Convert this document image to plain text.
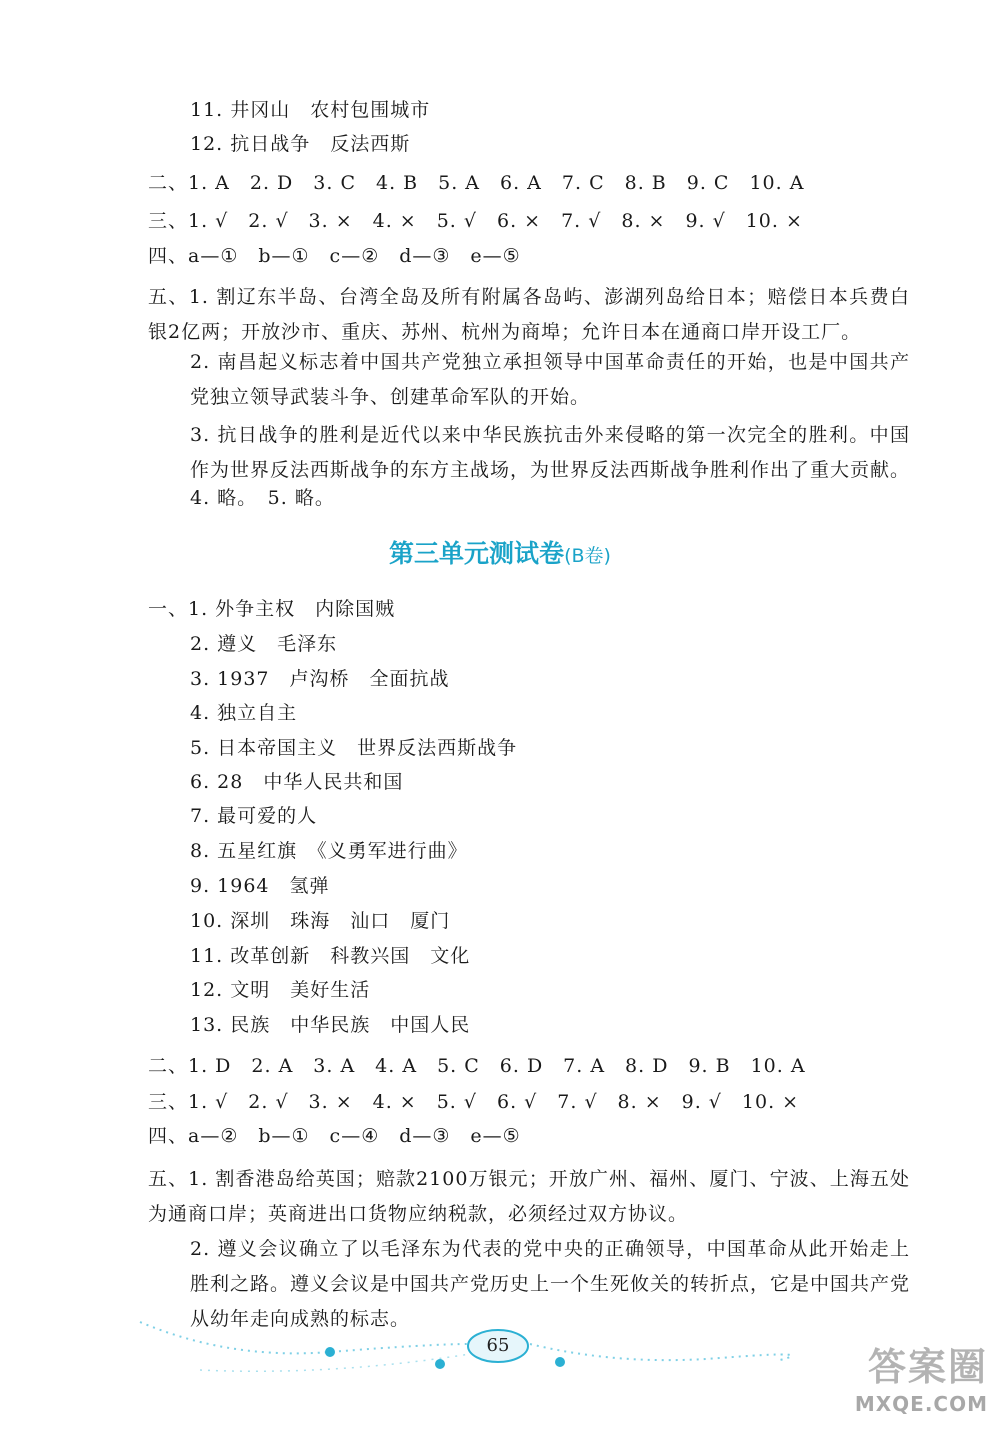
11. 井冈山　农村包围城市
12. 抗日战争　反法西斯
二、1. A　2. D　3. C　4. B　5. A　6. A　7. C　8. B　9. C　10. A
三、1. √　2. √　3. ×　4. ×　5. √　6. ×　7. √　8. ×　9. √　10. ×
四、a—①　b—①　c—②　d—③　e—⑤
五、1. 割辽东半岛、台湾全岛及所有附属各岛屿、澎湖列岛给日本；赔偿日本兵费白银2亿两；开放沙市、重庆、苏州、杭州为商埠；允许日本在通商口岸开设工厂。
2. 南昌起义标志着中国共产党独立承担领导中国革命责任的开始，也是中国共产党独立领导武装斗争、创建革命军队的开始。
3. 抗日战争的胜利是近代以来中华民族抗击外来侵略的第一次完全的胜利。中国作为世界反法西斯战争的东方主战场，为世界反法西斯战争胜利作出了重大贡献。
4. 略。　5. 略。
第三单元测试卷(B卷)
一、1. 外争主权　内除国贼
2. 遵义　毛泽东
3. 1937　卢沟桥　全面抗战
4. 独立自主
5. 日本帝国主义　世界反法西斯战争
6. 28　中华人民共和国
7. 最可爱的人
8. 五星红旗　《义勇军进行曲》
9. 1964　氢弹
10. 深圳　珠海　汕口　厦门
11. 改革创新　科教兴国　文化
12. 文明　美好生活
13. 民族　中华民族　中国人民
二、1. D　2. A　3. A　4. A　5. C　6. D　7. A　8. D　9. B　10. A
三、1. √　2. √　3. ×　4. ×　5. √　6. √　7. √　8. ×　9. √　10. ×
四、a—②　b—①　c—④　d—③　e—⑤
五、1. 割香港岛给英国；赔款2100万银元；开放广州、福州、厦门、宁波、上海五处为通商口岸；英商进出口货物应纳税款，必须经过双方协议。
2. 遵义会议确立了以毛泽东为代表的党中央的正确领导，中国革命从此开始走上胜利之路。遵义会议是中国共产党历史上一个生死攸关的转折点，它是中国共产党从幼年走向成熟的标志。
65	答案圈
MXQE.COM
